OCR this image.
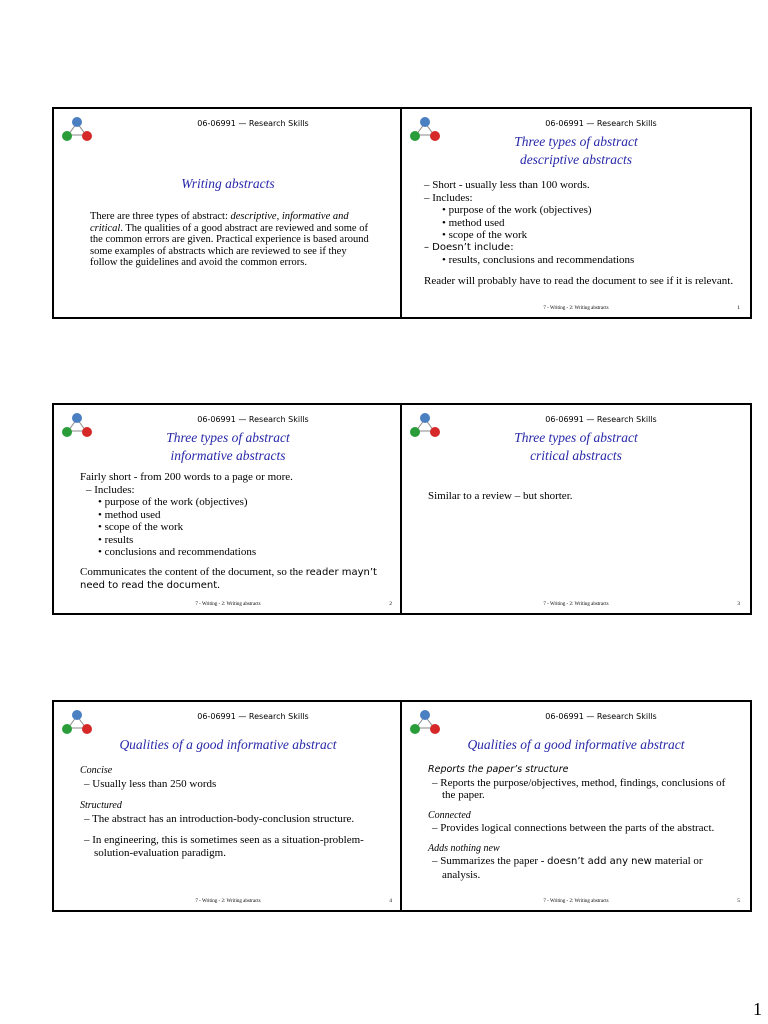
06-06991 — Research Skills
Writing abstracts

There are three types of abstract: descriptive, informative and critical. The qualities of a good abstract are reviewed and some of the common errors are given. Practical experience is based around some examples of abstracts which are reviewed to see if they follow the guidelines and avoid the common errors.

06-06991 — Research Skills
Three types of abstract
descriptive abstracts
– Short - usually less than 100 words.
– Includes:
• purpose of the work (objectives)
• method used
• scope of the work
– Doesn’t include:
• results, conclusions and recommendations
Reader will probably have to read the document to see if it is relevant.
7 - Writing - 2: Writing abstracts	1
06-06991 — Research Skills
Three types of abstract
informative abstracts
Fairly short - from 200 words to a page or more.
– Includes:
• purpose of the work (objectives)
• method used
• scope of the work
• results
• conclusions and recommendations
Communicates the content of the document, so the reader mayn’t need to read the document.
7 - Writing - 2: Writing abstracts	2
06-06991 — Research Skills
Three types of abstract
critical abstracts
Similar to a review – but shorter.
7 - Writing - 2: Writing abstracts	3
06-06991 — Research Skills
Qualities of a good informative abstract
Concise
– Usually less than 250 words
Structured
– The abstract has an introduction-body-conclusion structure.
– In engineering, this is sometimes seen as a situation-problem-solution-evaluation paradigm.
7 - Writing - 2: Writing abstracts	4
06-06991 — Research Skills
Qualities of a good informative abstract
Reports the paper’s structure
– Reports the purpose/objectives, method, findings, conclusions of the paper.
Connected
– Provides logical connections between the parts of the abstract.
Adds nothing new
– Summarizes the paper - doesn’t add any new material or analysis.
7 - Writing - 2: Writing abstracts	5
1
